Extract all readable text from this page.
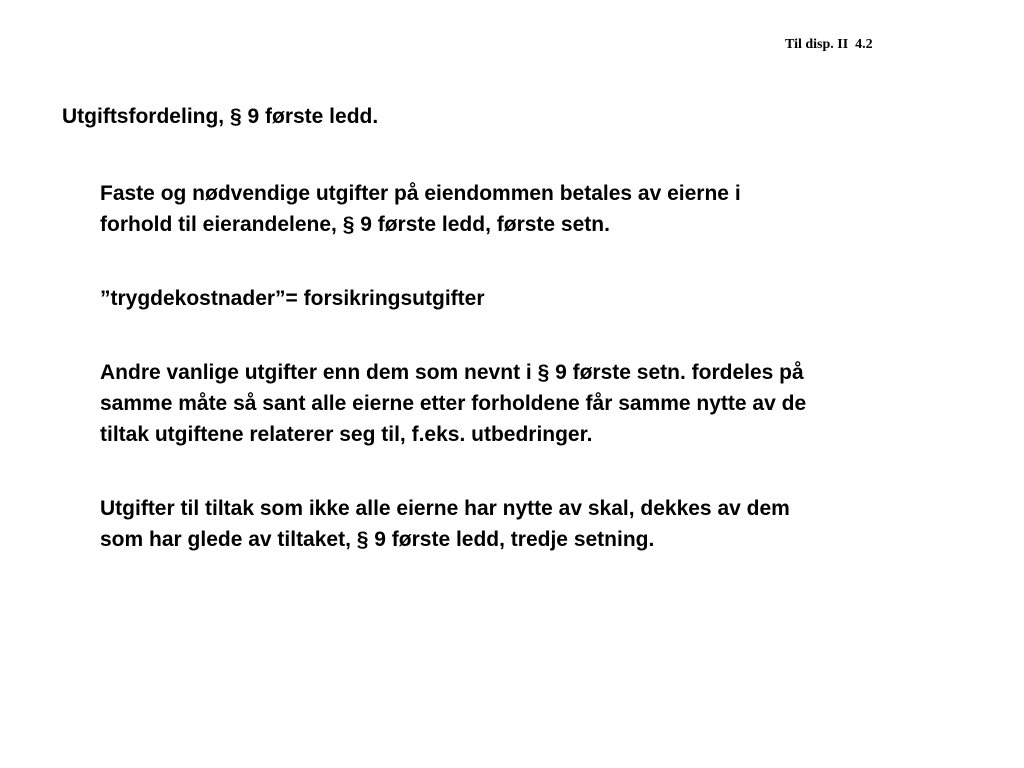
Til disp. II  4.2
Utgiftsfordeling, § 9 første ledd.

Faste og nødvendige utgifter på eiendommen betales av eierne i
forhold til eierandelene, § 9 første ledd, første setn.

”trygdekostnader”= forsikringsutgifter

Andre vanlige utgifter enn dem som nevnt i § 9 første setn. fordeles på
samme måte så sant alle eierne etter forholdene får samme nytte av de
tiltak utgiftene relaterer seg til, f.eks. utbedringer.

Utgifter til tiltak som ikke alle eierne har nytte av skal, dekkes av dem
som har glede av tiltaket, § 9 første ledd, tredje setning.
